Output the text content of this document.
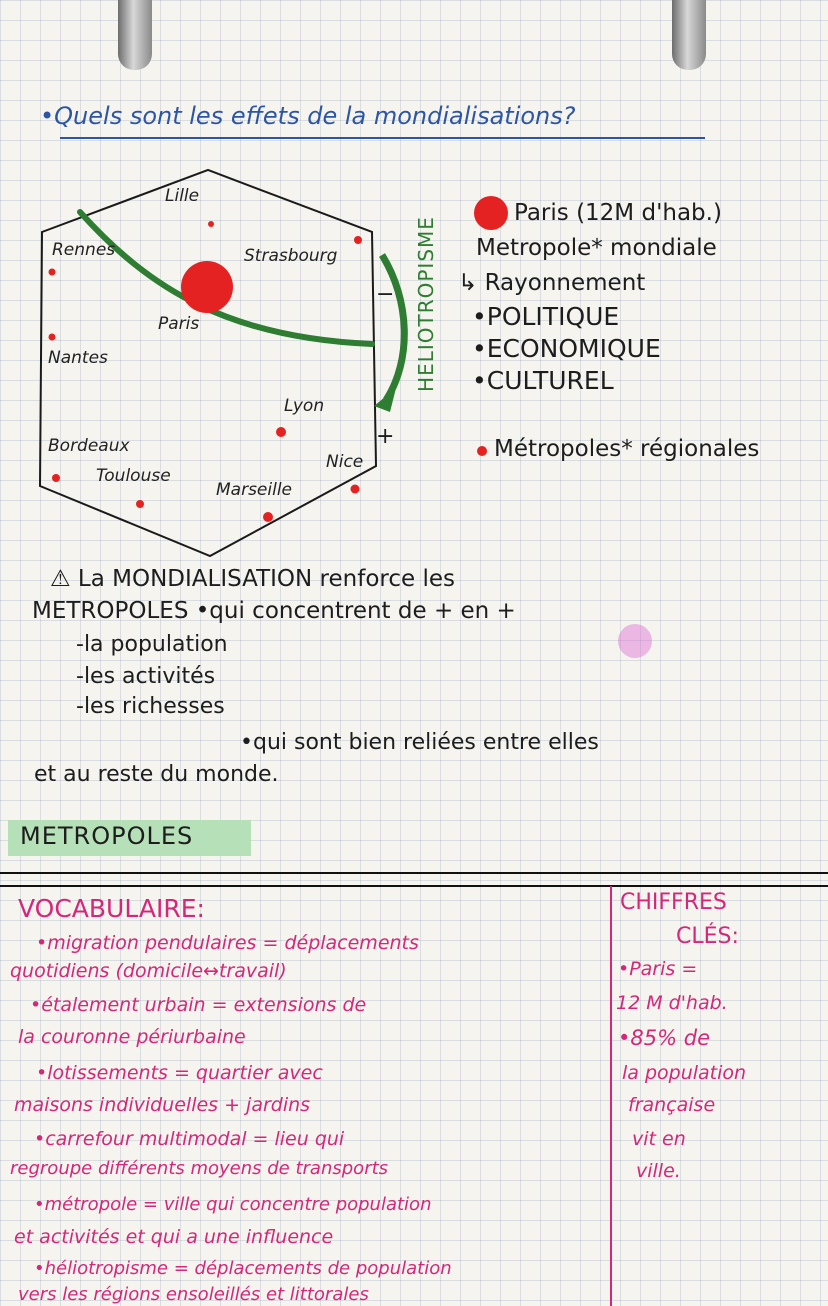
•Quels sont les effets de la mondialisations?
Lille
Rennes	Strasbourg
Paris
Nantes
Lyon
Bordeaux
Nice
Toulouse
Marseille
HELIOTROPISME
−
+
Paris (12M d'hab.)
Metropole* mondiale
↳ Rayonnement
•POLITIQUE
•ECONOMIQUE
•CULTUREL
Métropoles* régionales
⚠ La MONDIALISATION renforce les
METROPOLES •qui concentrent de + en +
-la population
-les activités
-les richesses
•qui sont bien reliées entre elles
et au reste du monde.
METROPOLES
VOCABULAIRE:
•migration pendulaires = déplacements
quotidiens (domicile↔travail)
•étalement urbain = extensions de
la couronne périurbaine
•lotissements = quartier avec
maisons individuelles + jardins
•carrefour multimodal = lieu qui
regroupe différents moyens de transports
•métropole = ville qui concentre population
et activités et qui a une influence
•héliotropisme = déplacements de population
vers les régions ensoleillés et littorales
CHIFFRES
CLÉS:
•Paris =
12 M d'hab.
•85% de
la population
française
vit en
ville.
